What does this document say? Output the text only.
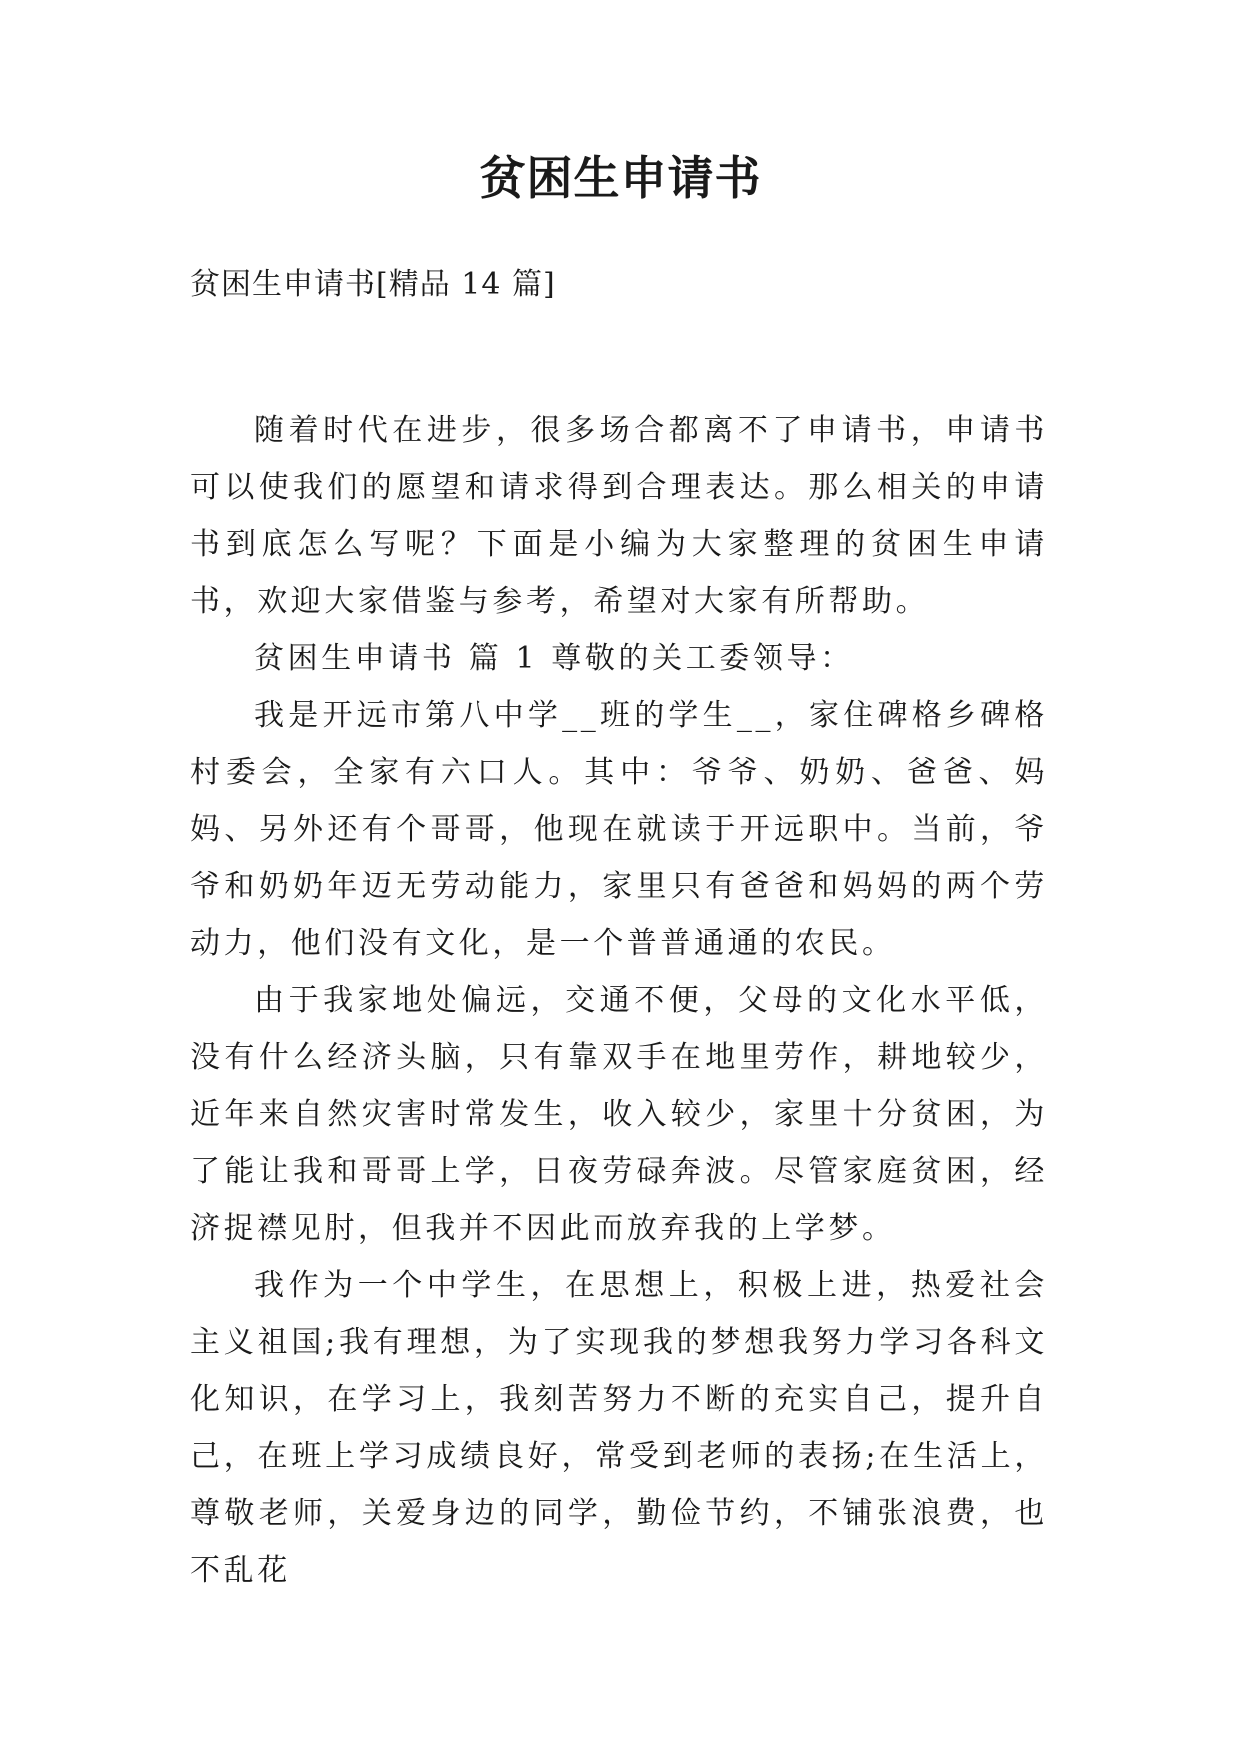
贫困生申请书
贫困生申请书[精品 14 篇]

随着时代在进步，很多场合都离不了申请书，申请书可以使我们的愿望和请求得到合理表达。那么相关的申请书到底怎么写呢？下面是小编为大家整理的贫困生申请书，欢迎大家借鉴与参考，希望对大家有所帮助。

贫困生申请书 篇 1 尊敬的关工委领导：

我是开远市第八中学__班的学生__，家住碑格乡碑格村委会，全家有六口人。其中：爷爷、奶奶、爸爸、妈妈、另外还有个哥哥，他现在就读于开远职中。当前，爷爷和奶奶年迈无劳动能力，家里只有爸爸和妈妈的两个劳动力，他们没有文化，是一个普普通通的农民。

由于我家地处偏远，交通不便，父母的文化水平低，没有什么经济头脑，只有靠双手在地里劳作，耕地较少，近年来自然灾害时常发生，收入较少，家里十分贫困，为了能让我和哥哥上学，日夜劳碌奔波。尽管家庭贫困，经济捉襟见肘，但我并不因此而放弃我的上学梦。

我作为一个中学生，在思想上，积极上进，热爱社会主义祖国;我有理想，为了实现我的梦想我努力学习各科文化知识，在学习上，我刻苦努力不断的充实自己，提升自己，在班上学习成绩良好，常受到老师的表扬;在生活上，尊敬老师，关爱身边的同学，勤俭节约，不铺张浪费，也不乱花
